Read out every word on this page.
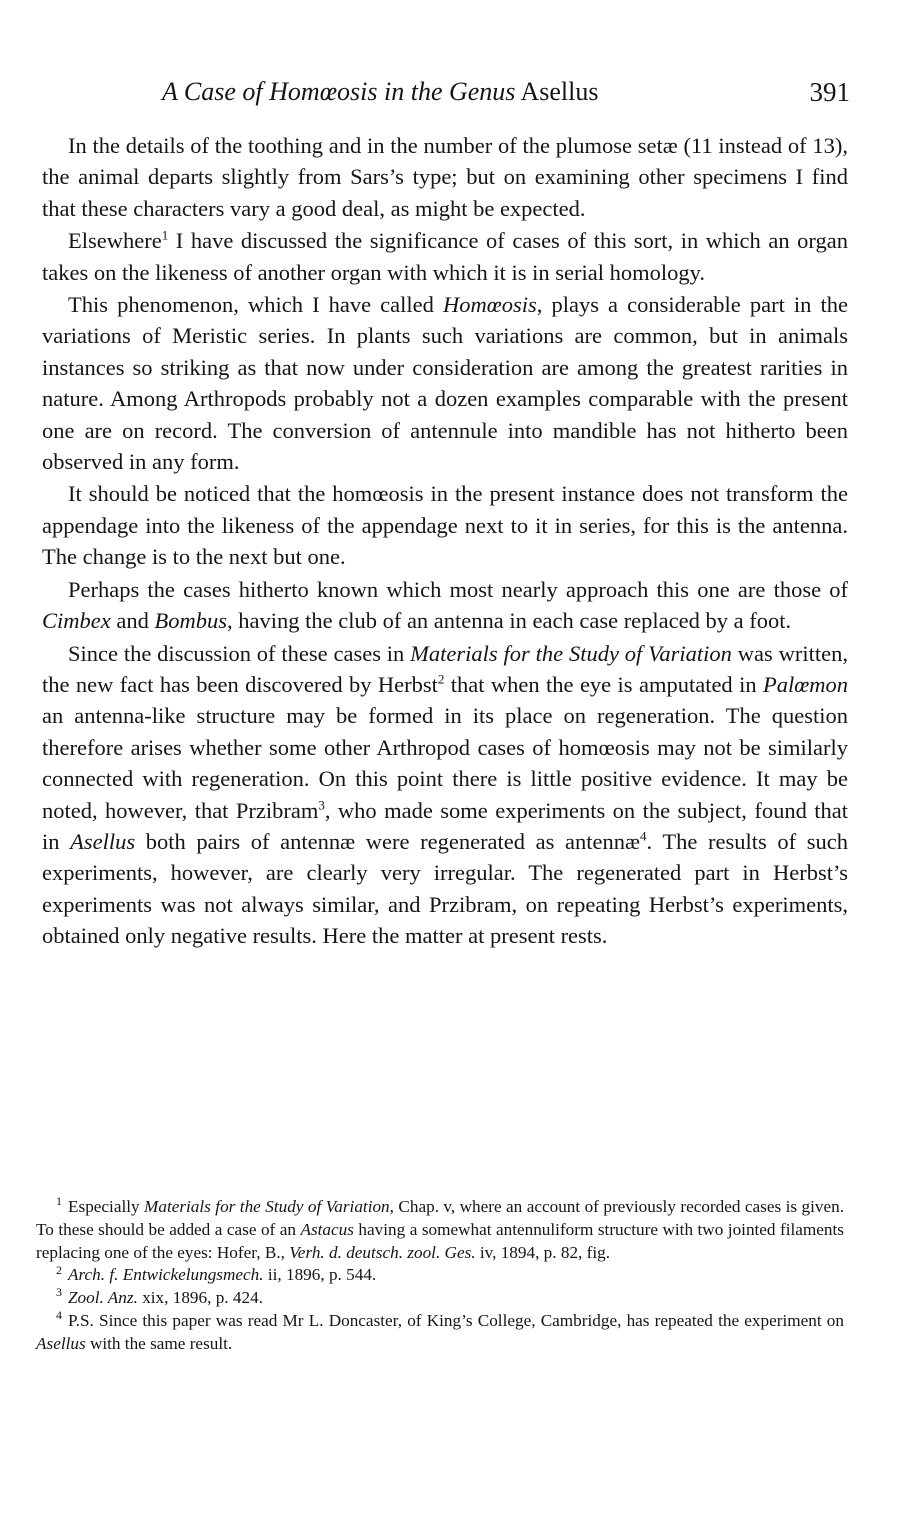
A Case of Homœosis in the Genus Asellus	391

In the details of the toothing and in the number of the plumose setæ (11 instead of 13), the animal departs slightly from Sars’s type; but on examining other specimens I find that these characters vary a good deal, as might be expected.

Elsewhere$^1$ I have discussed the significance of cases of this sort, in which an organ takes on the likeness of another organ with which it is in serial homology.

This phenomenon, which I have called Homœosis, plays a considerable part in the variations of Meristic series. In plants such variations are common, but in animals instances so striking as that now under consideration are among the greatest rarities in nature. Among Arthropods probably not a dozen examples comparable with the present one are on record. The conversion of antennule into mandible has not hitherto been observed in any form.

It should be noticed that the homœosis in the present instance does not transform the appendage into the likeness of the appendage next to it in series, for this is the antenna. The change is to the next but one.

Perhaps the cases hitherto known which most nearly approach this one are those of Cimbex and Bombus, having the club of an antenna in each case replaced by a foot.

Since the discussion of these cases in Materials for the Study of Variation was written, the new fact has been discovered by Herbst$^2$ that when the eye is amputated in Palœmon an antenna-like structure may be formed in its place on regeneration. The question therefore arises whether some other Arthropod cases of homœosis may not be similarly connected with regeneration. On this point there is little positive evidence. It may be noted, however, that Przibram$^3$, who made some experiments on the subject, found that in Asellus both pairs of antennæ were regenerated as antennæ$^4$. The results of such experiments, however, are clearly very irregular. The regenerated part in Herbst’s experiments was not always similar, and Przibram, on repeating Herbst’s experiments, obtained only negative results. Here the matter at present rests.

$^1$ Especially Materials for the Study of Variation, Chap. v, where an account of previously recorded cases is given. To these should be added a case of an Astacus having a somewhat antennuliform structure with two jointed filaments replacing one of the eyes: Hofer, B., Verh. d. deutsch. zool. Ges. iv, 1894, p. 82, fig.

$^2$ Arch. f. Entwickelungsmech. ii, 1896, p. 544.

$^3$ Zool. Anz. xix, 1896, p. 424.

$^4$ P.S. Since this paper was read Mr L. Doncaster, of King’s College, Cambridge, has repeated the experiment on Asellus with the same result.
